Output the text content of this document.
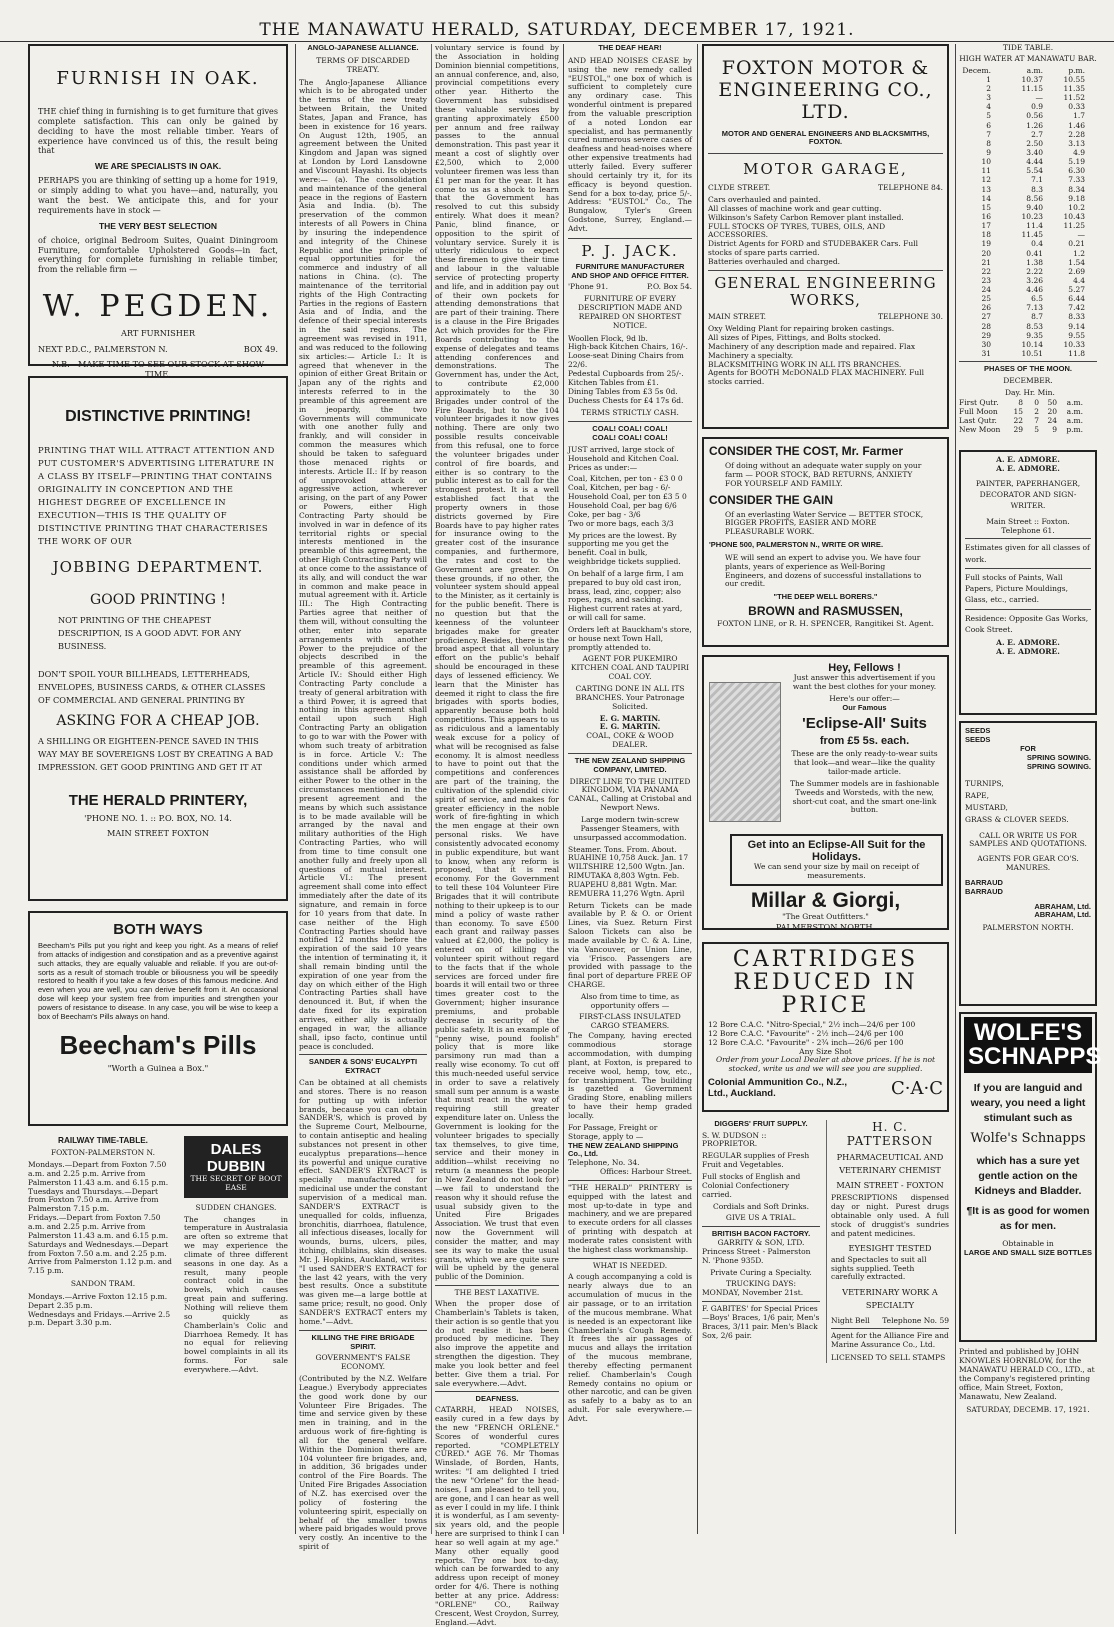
THE MANAWATU HERALD, SATURDAY, DECEMBER 17, 1921.
FURNISH IN OAK.
THE chief thing in furnishing is to get furniture that gives complete satisfaction. This can only be gained by deciding to have the most reliable timber. Years of experience have convinced us of this, the result being that
WE ARE SPECIALISTS IN OAK.
PERHAPS you are thinking of setting up a home for 1919, or simply adding to what you have—and, naturally, you want the best. We anticipate this, and for your requirements have in stock —
THE VERY BEST SELECTION
of choice, original Bedroom Suites, Quaint Diningroom Furniture, comfortable Upholstered Goods—in fact, everything for complete furnishing in reliable timber, from the reliable firm —
W. PEGDEN.
ART FURNISHER
NEXT P.D.C., PALMERSTON N.	BOX 49.
N.B.—MAKE TIME TO SEE OUR STOCK AT SHOW TIME.
DISTINCTIVE PRINTING!
PRINTING THAT WILL ATTRACT ATTENTION AND PUT CUSTOMER'S ADVERTISING LITERATURE IN A CLASS BY ITSELF—PRINTING THAT CONTAINS ORIGINALITY IN CONCEPTION AND THE HIGHEST DEGREE OF EXCELLENCE IN EXECUTION—THIS IS THE QUALITY OF DISTINCTIVE PRINTING THAT CHARACTERISES THE WORK OF OUR
JOBBING DEPARTMENT.
GOOD PRINTING !
NOT PRINTING OF THE CHEAPEST DESCRIPTION, IS A GOOD ADVT. FOR ANY BUSINESS.
DON'T SPOIL YOUR BILLHEADS, LETTERHEADS, ENVELOPES, BUSINESS CARDS, & OTHER CLASSES OF COMMERCIAL AND GENERAL PRINTING BY
ASKING FOR A CHEAP JOB.
A SHILLING OR EIGHTEEN-PENCE SAVED IN THIS WAY MAY BE SOVEREIGNS LOST BY CREATING A BAD IMPRESSION. GET GOOD PRINTING AND GET IT AT
THE HERALD PRINTERY,
'PHONE NO. 1. :: P.O. BOX, NO. 14.
MAIN STREET FOXTON
BOTH WAYS
Beecham's Pills put you right and keep you right. As a means of relief from attacks of indigestion and constipation and as a preventive against such attacks, they are equally valuable and reliable. If you are out-of-sorts as a result of stomach trouble or biliousness you will be speedily restored to health if you take a few doses of this famous medicine. And even when you are well, you can derive benefit from it. An occasional dose will keep your system free from impurities and strengthen your powers of resistance to disease. In any case, you will be wise to keep a box of Beecham's Pills always on hand.
Beecham's Pills
"Worth a Guinea a Box."
RAILWAY TIME-TABLE.
FOXTON-PALMERSTON N.
Mondays.—Depart from Foxton 7.50 a.m. and 2.25 p.m. Arrive from Palmerston 11.43 a.m. and 6.15 p.m.
Tuesdays and Thursdays.—Depart from Foxton 7.50 a.m. Arrive from Palmerston 7.15 p.m.
Fridays.—Depart from Foxton 7.50 a.m. and 2.25 p.m. Arrive from Palmerston 11.43 a.m. and 6.15 p.m.
Saturdays and Wednesdays.—Depart from Foxton 7.50 a.m. and 2.25 p.m. Arrive from Palmerston 1.12 p.m. and 7.15 p.m.
SANDON TRAM.
Mondays.—Arrive Foxton 12.15 p.m. Depart 2.35 p.m.
Wednesdays and Fridays.—Arrive 2.5 p.m. Depart 3.30 p.m.
DALES DUBBIN
THE SECRET OF BOOT EASE
SUDDEN CHANGES.
The changes in temperature in Australasia are often so extreme that we may experience the climate of three different seasons in one day. As a result, many people contract cold in the bowels, which causes great pain and suffering. Nothing will relieve them so quickly as Chamberlain's Colic and Diarrhoea Remedy. It has no equal for relieving bowel complaints in all its forms. For sale everywhere.—Advt.
ANGLO-JAPANESE ALLIANCE.
TERMS OF DISCARDED TREATY.
The Anglo-Japanese Alliance which is to be abrogated under the terms of the new treaty between Britain, the United States, Japan and France, has been in existence for 16 years. On August 12th, 1905, an agreement between the United Kingdom and Japan was signed at London by Lord Lansdowne and Viscount Hayashi. Its objects were:— (a). The consolidation and maintenance of the general peace in the regions of Eastern Asia and India. (b). The preservation of the common interests of all Powers in China by insuring the independence and integrity of the Chinese Republic and the principle of equal opportunities for the commerce and industry of all nations in China. (c). The maintenance of the territorial rights of the High Contracting Parties in the regions of Eastern Asia and of India, and the defence of their special interests in the said regions. The agreement was revised in 1911, and was reduced to the following six articles:— Article I.: It is agreed that whenever in the opinion of either Great Britain or Japan any of the rights and interests referred to in the preamble of this agreement are in jeopardy, the two Governments will communicate with one another fully and frankly, and will consider in common the measures which should be taken to safeguard those menaced rights or interests. Article II.: If by reason of unprovoked attack or aggressive action, wherever arising, on the part of any Power or Powers, either High Contracting Party should be involved in war in defence of its territorial rights or special interests mentioned in the preamble of this agreement, the other High Contracting Party will at once come to the assistance of its ally, and will conduct the war in common and make peace in mutual agreement with it. Article III.: The High Contracting Parties agree that neither of them will, without consulting the other, enter into separate arrangements with another Power to the prejudice of the objects described in the preamble of this agreement. Article IV.: Should either High Contracting Party conclude a treaty of general arbitration with a third Power, it is agreed that nothing in this agreement shall entail upon such High Contracting Party an obligation to go to war with the Power with whom such treaty of arbitration is in force. Article V.: The conditions under which armed assistance shall be afforded by either Power to the other in the circumstances mentioned in the present agreement and the means by which such assistance is to be made available will be arranged by the naval and military authorities of the High Contracting Parties, who will from time to time consult one another fully and freely upon all questions of mutual interest. Article VI.: The present agreement shall come into effect immediately after the date of its signature, and remain in force for 10 years from that date. In case neither of the High Contracting Parties should have notified 12 months before the expiration of the said 10 years the intention of terminating it, it shall remain binding until the expiration of one year from the day on which either of the High Contracting Parties shall have denounced it. But, if when the date fixed for its expiration arrives, either ally is actually engaged in war, the alliance shall, ipso facto, continue until peace is concluded.
SANDER & SONS' EUCALYPTI EXTRACT
Can be obtained at all chemists and stores. There is no reason for putting up with inferior brands, because you can obtain SANDER'S, which is proved by the Supreme Court, Melbourne, to contain antiseptic and healing substances not present in other eucalyptus preparations—hence its powerful and unique curative effect. SANDER'S EXTRACT is specially manufactured for medicinal use under the constant supervision of a medical man. SANDER'S EXTRACT is unequalled for colds, influenza, bronchitis, diarrhoea, flatulence, all infectious diseases, locally for wounds, burns, ulcers, piles, itching, chilblains, skin diseases. Mr. J. Hopkins, Auckland, writes: "I used SANDER'S EXTRACT for the last 42 years, with the very best results. Once a substitute was given me—a large bottle at same price; result, no good. Only SANDER'S EXTRACT enters my home."—Advt.
KILLING THE FIRE BRIGADE SPIRIT.
GOVERNMENT'S FALSE ECONOMY.
(Contributed by the N.Z. Welfare League.) Everybody appreciates the good work done by our Volunteer Fire Brigades. The time and service given by these men in training, and in the arduous work of fire-fighting is all for the general welfare. Within the Dominion there are 104 volunteer fire brigades, and, in addition, 36 brigades under control of the Fire Boards. The United Fire Brigades Association of N.Z. has exercised over the policy of fostering the volunteering spirit, especially on behalf of the smaller towns where paid brigades would prove very costly. An incentive to the spirit of
voluntary service is found by the Association in holding Dominion biennial competitions, an annual conference, and, also, provincial competitions every other year. Hitherto the Government has subsidised these valuable services by granting approximately £500 per annum and free railway passes to the annual demonstration. This past year it meant a cost of slightly over £2,500, which to 2,000 volunteer firemen was less than £1 per man for the year. It has come to us as a shock to learn that the Government has resolved to cut this subsidy entirely. What does it mean? Panic, blind finance, or opposition to the spirit of voluntary service. Surely it is utterly ridiculous to expect these firemen to give their time and labour in the valuable service of protecting property and life, and in addition pay out of their own pockets for attending demonstrations that are part of their training. There is a clause in the Fire Brigades Act which provides for the Fire Boards contributing to the expense of delegates and teams attending conferences and demonstrations. The Government has, under the Act, to contribute £2,000 approximately to the 30 Brigades under control of the Fire Boards, but to the 104 volunteer brigades it now gives nothing. There are only two possible results conceivable from this refusal, one to force the volunteer brigades under control of fire boards, and either is so contrary to the public interest as to call for the strongest protest. It is a well established fact that the property owners in those districts governed by Fire Boards have to pay higher rates for insurance owing to the greater cost of the insurance companies, and furthermore, the rates and cost to the Government are greater. On these grounds, if no other, the volunteer system should appeal to the Minister, as it certainly is for the public benefit. There is no question but that the keenness of the volunteer brigades make for greater proficiency. Besides, there is the broad aspect that all voluntary effort on the public's behalf should be encouraged in these days of lessened efficiency. We learn that the Minister has deemed it right to class the fire brigades with sports bodies, apparently because both hold competitions. This appears to us as ridiculous and a lamentably weak excuse for a policy of what will be recognised as false economy. It is almost needless to have to point out that the competitions and conferences are part of the training, the cultivation of the splendid civic spirit of service, and makes for greater efficiency in the noble work of fire-fighting in which the men engage at their own personal risks. We have consistently advocated economy in public expenditure, but want to know, when any reform is proposed, that it is real economy. For the Government to tell these 104 Volunteer Fire Brigades that it will contribute nothing to their upkeep is to our mind a policy of waste rather than economy. To save £500 each grant and railway passes valued at £2,000, the policy is entered on of killing the volunteer spirit without regard to the facts that if the whole services are forced under fire boards it will entail two or three times greater cost to the Government; higher insurance premiums, and probable decrease in security of the public safety. It is an example of "penny wise, pound foolish" policy that is more like parsimony run mad than a really wise economy. To cut off this much-needed useful service in order to save a relatively small sum per annum is a waste that must react in the way of requiring still greater expenditure later on. Unless the Government is looking for the volunteer brigades to specially tax themselves, to give time, service and their money in addition—whilst receiving no return (a meanness the people in New Zealand do not look for)—we fail to understand the reason why it should refuse the usual subsidy given to the United Fire Brigades Association. We trust that even now the Government will consider the matter, and may see its way to make the usual grants, which we are quite sure will be upheld by the general public of the Dominion.
THE BEST LAXATIVE.
When the proper dose of Chamberlain's Tablets is taken, their action is so gentle that you do not realise it has been produced by medicine. They also improve the appetite and strengthen the digestion. They make you look better and feel better. Give them a trial. For sale everywhere.—Advt.
DEAFNESS.
CATARRH, HEAD NOISES, easily cured in a few days by the new "FRENCH ORLENE." Scores of wonderful cures reported. "COMPLETELY CURED." AGE 76. Mr Thomas Winslade, of Borden, Hants, writes: "I am delighted I tried the new "Orlene" for the head-noises, I am pleased to tell you, are gone, and I can hear as well as ever I could in my life. I think it is wonderful, as I am seventy-six years old, and the people here are surprised to think I can hear so well again at my age." Many other equally good reports. Try one box to-day, which can be forwarded to any address upon receipt of money order for 4/6. There is nothing better at any price. Address: "ORLENE" CO., Railway Crescent, West Croydon, Surrey, England.—Advt.
THE DEAF HEAR!
AND HEAD NOISES CEASE by using the new remedy called "EUSTOL," one box of which is sufficient to completely cure any ordinary case. This wonderful ointment is prepared from the valuable prescription of a noted London ear specialist, and has permanently cured numerous severe cases of deafness and head-noises where other expensive treatments had utterly failed. Every sufferer should certainly try it, for its efficacy is beyond question. Send for a box to-day, price 5/-. Address: "EUSTOL" Co., The Bungalow, Tyler's Green Godstone, Surrey, England.—Advt.
P. J. JACK.
FURNITURE MANUFACTURER AND SHOP AND OFFICE FITTER.
'Phone 91.	P.O. Box 54.
FURNITURE OF EVERY DESCRIPTION MADE AND REPAIRED ON SHORTEST NOTICE.
Woollen Flock, 9d lb.
High-back Kitchen Chairs, 16/-.
Loose-seat Dining Chairs from 22/6.
Pedestal Cupboards from 25/-.
Kitchen Tables from £1.
Dining Tables from £3 5s 0d.
Duchess Chests for £4 17s 6d.
TERMS STRICTLY CASH.
COAL! COAL! COAL!
COAL! COAL! COAL!
JUST arrived, large stock of Household and Kitchen Coal. Prices as under:—
Coal, Kitchen, per ton - £3 0 0
Coal, Kitchen, per bag - 6/-
Household Coal, per ton £3 5 0
Household Coal, per bag 6/6
Coke, per bag - 3/6
Two or more bags, each 3/3
My prices are the lowest. By supporting me you get the benefit. Coal in bulk, weighbridge tickets supplied.
On behalf of a large firm, I am prepared to buy old cast iron, brass, lead, zinc, copper; also ropes, rags, and sacking. Highest current rates at yard, or will call for same.
Orders left at Bauckham's store, or house next Town Hall, promptly attended to.
AGENT FOR PUKEMIRO KITCHEN COAL AND TAUPIRI COAL COY.
CARTING DONE IN ALL ITS BRANCHES. Your Patronage Solicited.
E. G. MARTIN.
E. G. MARTIN.
COAL, COKE & WOOD DEALER.
THE NEW ZEALAND SHIPPING COMPANY, LIMITED.
DIRECT LINE TO THE UNITED KINGDOM, VIA PANAMA CANAL, Calling at Cristobal and Newport News.
Large modern twin-screw Passenger Steamers, with unsurpassed accommodation.
Steamer. Tons. From. About.
RUAHINE 10,758 Auck. Jan. 17
WILTSHIRE 12,500 Wgtn. Jan.
RIMUTAKA 8,803 Wgtn. Feb.
RUAPEHU 8,881 Wgtn. Mar.
REMUERA 11,276 Wgtn. April
Return Tickets can be made available by P. & O. or Orient Lines, via Suez. Return First Saloon Tickets can also be made available by C. & A. Line, via Vancouver, or Union Line, via 'Frisco. Passengers are provided with passage to the final port of departure FREE OF CHARGE.
Also from time to time, as opportunity offers —
FIRST-CLASS INSULATED CARGO STEAMERS.
The Company, having erected commodious storage accommodation, with dumping plant, at Foxton, is prepared to receive wool, hemp, tow, etc., for transhipment. The building is gazetted a Government Grading Store, enabling millers to have their hemp graded locally.
For Passage, Freight or Storage, apply to —
THE NEW ZEALAND SHIPPING Co., Ltd.
Telephone, No. 34.
Offices: Harbour Street.
"THE HERALD" PRINTERY is equipped with the latest and most up-to-date in type and machinery, and we are prepared to execute orders for all classes of printing with despatch at moderate rates consistent with the highest class workmanship.
WHAT IS NEEDED.
A cough accompanying a cold is nearly always due to an accumulation of mucus in the air passage, or to an irritation of the mucous membrane. What is needed is an expectorant like Chamberlain's Cough Remedy. It frees the air passages of mucus and allays the irritation of the mucous membrane, thereby effecting permanent relief. Chamberlain's Cough Remedy contains no opium or other narcotic, and can be given as safely to a baby as to an adult. For sale everywhere.—Advt.
FOXTON MOTOR & ENGINEERING CO., LTD.
MOTOR AND GENERAL ENGINEERS AND BLACKSMITHS, FOXTON.
MOTOR GARAGE,
CLYDE STREET.	TELEPHONE 84.
Cars overhauled and painted.
All classes of machine work and gear cutting.
Wilkinson's Safety Carbon Remover plant installed.
FULL STOCKS OF TYRES, TUBES, OILS, AND ACCESSORIES.
District Agents for FORD and STUDEBAKER Cars. Full stocks of spare parts carried.
Batteries overhauled and charged.
GENERAL ENGINEERING WORKS,
MAIN STREET.	TELEPHONE 30.
Oxy Welding Plant for repairing broken castings.
All sizes of Pipes, Fittings, and Bolts stocked.
Machinery of any description made and repaired. Flax Machinery a specialty.
BLACKSMITHING WORK IN ALL ITS BRANCHES.
Agents for BOOTH McDONALD FLAX MACHINERY. Full stocks carried.
CONSIDER THE COST, Mr. Farmer
Of doing without an adequate water supply on your farm — POOR STOCK, BAD RETURNS, ANXIETY FOR YOURSELF AND FAMILY.
CONSIDER THE GAIN
Of an everlasting Water Service — BETTER STOCK, BIGGER PROFITS, EASIER AND MORE PLEASURABLE WORK.
'PHONE 500, PALMERSTON N., WRITE OR WIRE.
WE will send an expert to advise you. We have four plants, years of experience as Well-Boring Engineers, and dozens of successful installations to our credit.
"THE DEEP WELL BORERS."
BROWN and RASMUSSEN,
FOXTON LINE, or R. H. SPENCER, Rangitikei St. Agent.
Hey, Fellows !
Just answer this advertisement if you want the best clothes for your money.
Here's our offer:—
Our Famous
'Eclipse-All' Suits
from £5 5s. each.
These are the only ready-to-wear suits that look—and wear—like the quality tailor-made article.
The Summer models are in fashionable Tweeds and Worsteds, with the new, short-cut coat, and the smart one-link button.
Get into an Eclipse-All Suit for the Holidays.
We can send your size by mail on receipt of measurements.
Millar & Giorgi,
"The Great Outfitters."
PALMERSTON NORTH.
CARTRIDGES REDUCED IN PRICE
12 Bore C.A.C. "Nitro-Special," 2½ inch—24/6 per 100
12 Bore C.A.C. "Favourite" - 2½ inch—24/6 per 100
12 Bore C.A.C. "Favourite" - 2¾ inch—26/6 per 100
Any Size Shot
Order from your Local Dealer at above prices. If he is not stocked, write us and we will see you are supplied.
Colonial Ammunition Co., N.Z., Ltd., Auckland.	C·A·C
DIGGERS' FRUIT SUPPLY.
S. W. DUDSON :: PROPRIETOR.
REGULAR supplies of Fresh Fruit and Vegetables.
Full stocks of English and Colonial Confectionery carried.
Cordials and Soft Drinks.
GIVE US A TRIAL.
BRITISH BACON FACTORY.
GARRITY & SON, LTD.
Princess Street - Palmerston N. 'Phone 935D.
Private Curing a Specialty.
TRUCKING DAYS:
MONDAY, November 21st.
F. GABITES' for Special Prices—Boys' Braces, 1/6 pair, Men's Braces, 3/11 pair. Men's Black Sox, 2/6 pair.
H. C. PATTERSON
PHARMACEUTICAL AND VETERINARY CHEMIST
MAIN STREET - FOXTON
PRESCRIPTIONS dispensed day or night. Purest drugs obtainable only used. A full stock of druggist's sundries and patent medicines.
EYESIGHT TESTED
and Spectacles to suit all sights supplied. Teeth carefully extracted.
VETERINARY WORK A SPECIALTY
Night Bell Telephone No. 59
Agent for the Alliance Fire and Marine Assurance Co., Ltd.
LICENSED TO SELL STAMPS
TIDE TABLE.
HIGH WATER AT MANAWATU BAR.
Decem.	a.m.	p.m.
1	10.37	10.55
2	11.15	11.35
3	—	11.52
4	0.9	0.33
5	0.56	1.7
6	1.26	1.46
7	2.7	2.28
8	2.50	3.13
9	3.40	4.9
10	4.44	5.19
11	5.54	6.30
12	7.1	7.33
13	8.3	8.34
14	8.56	9.18
15	9.40	10.2
16	10.23	10.43
17	11.4	11.25
18	11.45	—
19	0.4	0.21
20	0.41	1.2
21	1.38	1.54
22	2.22	2.69
23	3.26	4.4
24	4.46	5.27
25	6.5	6.44
26	7.13	7.42
27	8.7	8.33
28	8.53	9.14
29	9.35	9.55
30	10.14	10.33
31	10.51	11.8
PHASES OF THE MOON.
DECEMBER.
Day. Hr. Min.
First Qutr.	8	0	50	a.m.
Full Moon	15	2	20	a.m.
Last Qutr.	22	7	24	a.m.
New Moon	29	5	9	p.m.
A. E. ADMORE.
A. E. ADMORE.
PAINTER, PAPERHANGER, DECORATOR AND SIGN-WRITER.
Main Street :: Foxton.
Telephone 61.
Estimates given for all classes of work.
Full stocks of Paints, Wall Papers, Picture Mouldings, Glass, etc., carried.
Residence: Opposite Gas Works, Cook Street.
A. E. ADMORE.
A. E. ADMORE.
SEEDS
SEEDS
FOR
SPRING SOWING.
SPRING SOWING.
TURNIPS,
RAPE,
MUSTARD,
GRASS & CLOVER SEEDS.
CALL OR WRITE US FOR SAMPLES AND QUOTATIONS.
AGENTS FOR GEAR CO'S. MANURES.
BARRAUD
BARRAUD
ABRAHAM, Ltd.
ABRAHAM, Ltd.
PALMERSTON NORTH.
WOLFE'S SCHNAPPS
If you are languid and weary, you need a light stimulant such as
Wolfe's Schnapps
which has a sure yet gentle action on the Kidneys and Bladder.
¶It is as good for women as for men.
Obtainable in
LARGE AND SMALL SIZE BOTTLES
Printed and published by JOHN KNOWLES HORNBLOW, for the MANAWATU HERALD CO., LTD., at the Company's registered printing office, Main Street, Foxton, Manawatu, New Zealand.
SATURDAY, DECEMB. 17, 1921.
